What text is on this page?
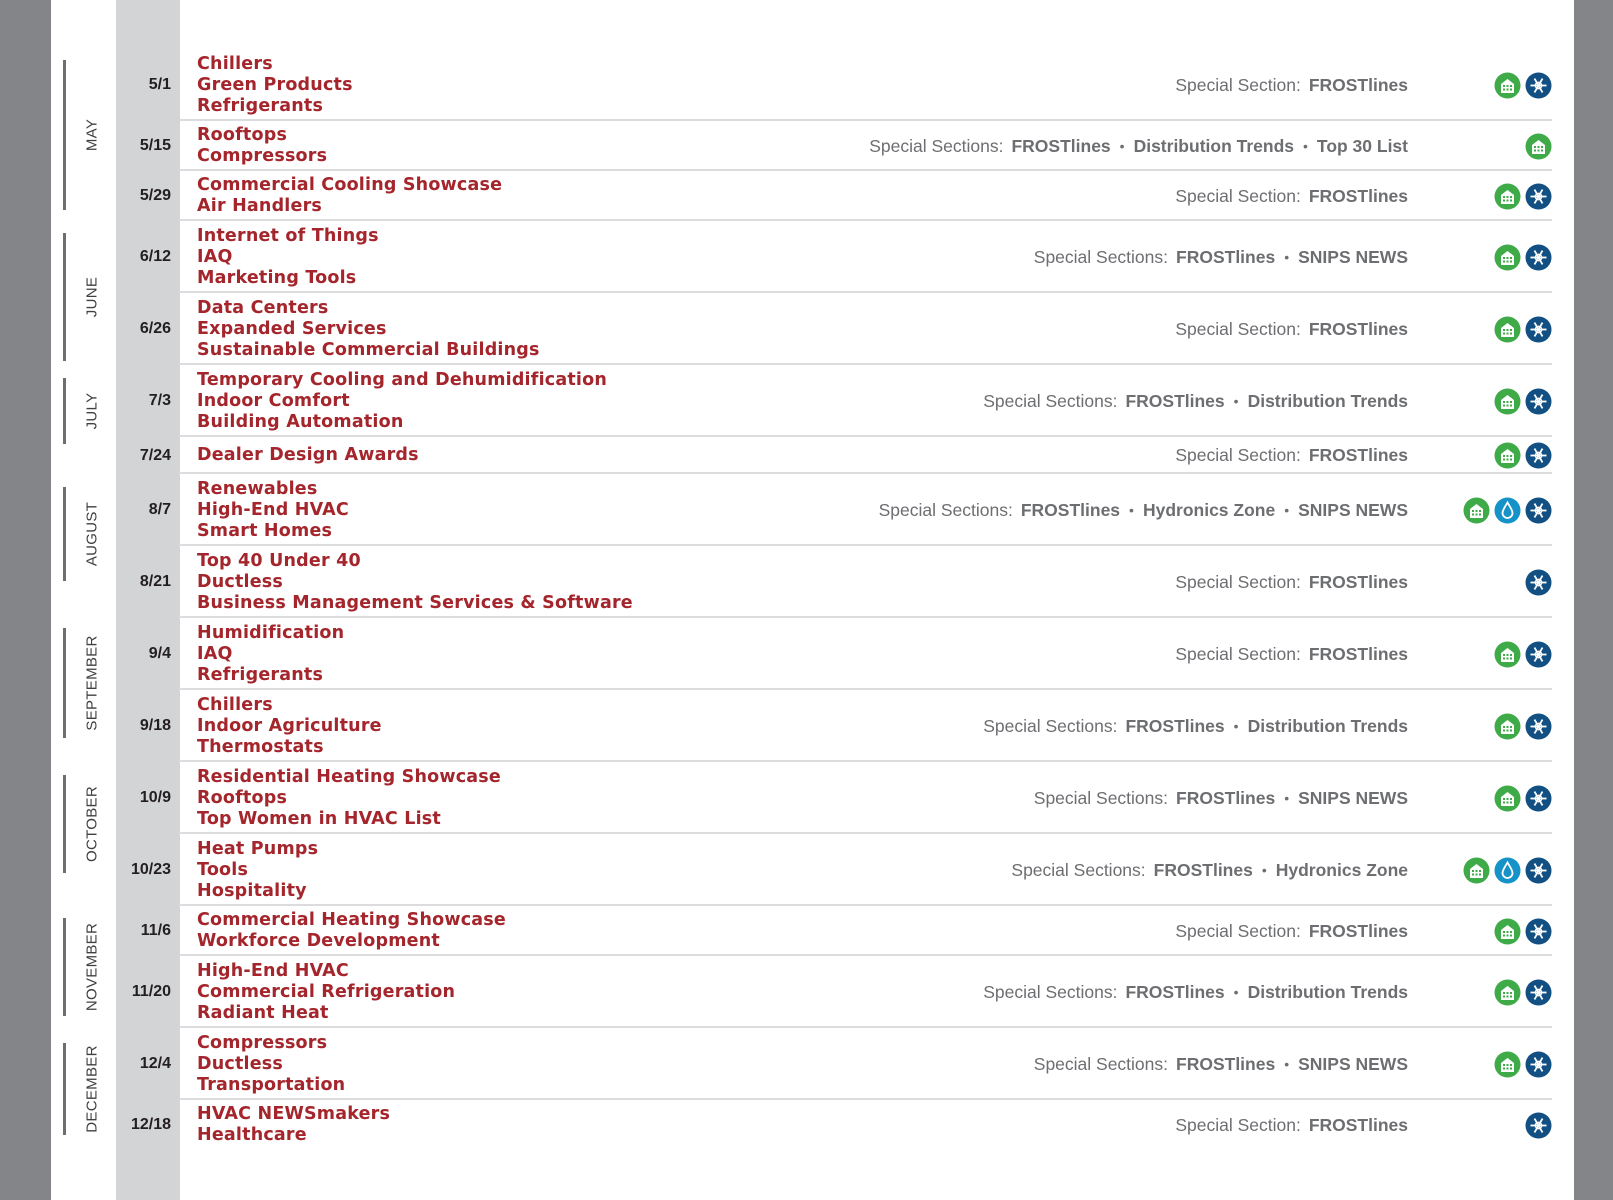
MAY
JUNE
JULY
AUGUST
SEPTEMBER
OCTOBER
NOVEMBER
DECEMBER
5/1
Chillers
Green Products
Refrigerants
Special Section: FROSTlines
5/15
Rooftops
Compressors
Special Sections: FROSTlines • Distribution Trends • Top 30 List
5/29
Commercial Cooling Showcase
Air Handlers
Special Section: FROSTlines
6/12
Internet of Things
IAQ
Marketing Tools
Special Sections: FROSTlines • SNIPS NEWS
6/26
Data Centers
Expanded Services
Sustainable Commercial Buildings
Special Section: FROSTlines
7/3
Temporary Cooling and Dehumidification
Indoor Comfort
Building Automation
Special Sections: FROSTlines • Distribution Trends
7/24 Dealer Design Awards	Special Section: FROSTlines
8/7
Renewables
High-End HVAC
Smart Homes
Special Sections: FROSTlines • Hydronics Zone • SNIPS NEWS
8/21
Top 40 Under 40
Ductless
Business Management Services & Software
Special Section: FROSTlines
9/4
Humidification
IAQ
Refrigerants
Special Section: FROSTlines
9/18
Chillers
Indoor Agriculture
Thermostats
Special Sections: FROSTlines • Distribution Trends
10/9
Residential Heating Showcase
Rooftops
Top Women in HVAC List
Special Sections: FROSTlines • SNIPS NEWS
10/23
Heat Pumps
Tools
Hospitality
Special Sections: FROSTlines • Hydronics Zone
11/6
Commercial Heating Showcase
Workforce Development
Special Section: FROSTlines
11/20
High-End HVAC
Commercial Refrigeration
Radiant Heat
Special Sections: FROSTlines • Distribution Trends
12/4
Compressors
Ductless
Transportation
Special Sections: FROSTlines • SNIPS NEWS
12/18
HVAC NEWSmakers
Healthcare
Special Section: FROSTlines
